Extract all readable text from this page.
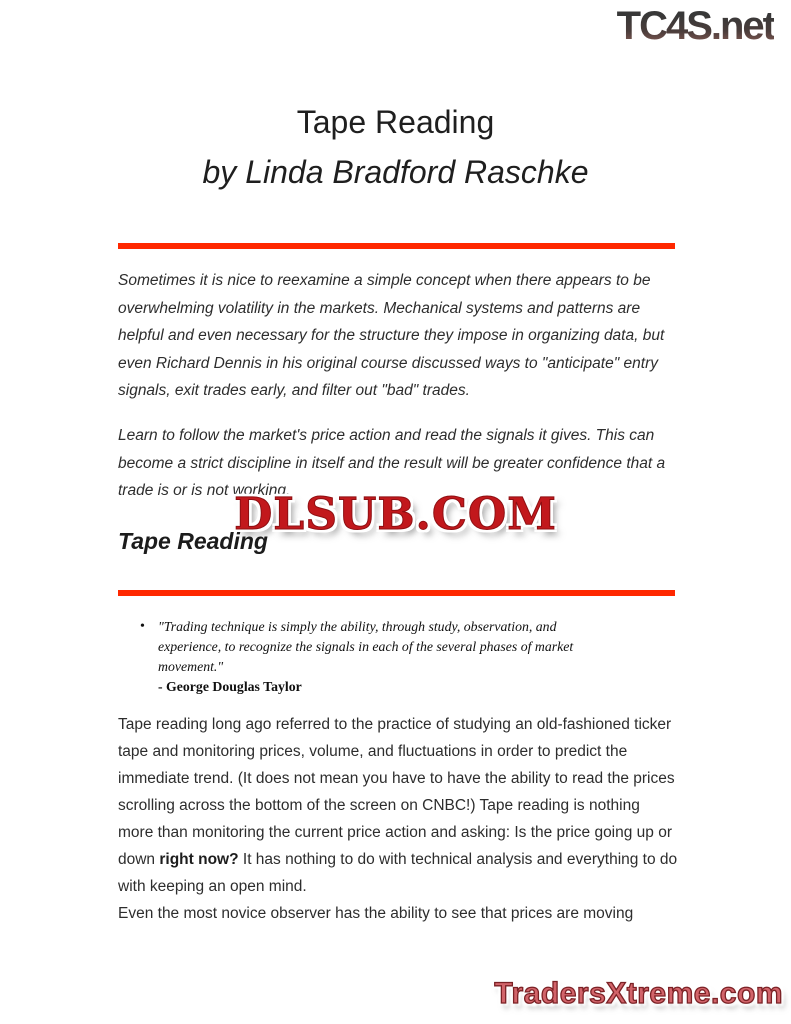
TC4S.net
Tape Reading
by Linda Bradford Raschke
Sometimes it is nice to reexamine a simple concept when there appears to be
overwhelming volatility in the markets. Mechanical systems and patterns are
helpful and even necessary for the structure they impose in organizing data, but
even Richard Dennis in his original course discussed ways to "anticipate" entry
signals, exit trades early, and filter out "bad" trades.
Learn to follow the market's price action and read the signals it gives. This can
become a strict discipline in itself and the result will be greater confidence that a
trade is or is not working.
DLSUB.COM
Tape Reading
• "Trading technique is simply the ability, through study, observation, and
experience, to recognize the signals in each of the several phases of market
movement."
- George Douglas Taylor
Tape reading long ago referred to the practice of studying an old-fashioned ticker
tape and monitoring prices, volume, and fluctuations in order to predict the
immediate trend. (It does not mean you have to have the ability to read the prices
scrolling across the bottom of the screen on CNBC!) Tape reading is nothing
more than monitoring the current price action and asking: Is the price going up or
down right now? It has nothing to do with technical analysis and everything to do
with keeping an open mind.
Even the most novice observer has the ability to see that prices are moving
TradersXtreme.com
